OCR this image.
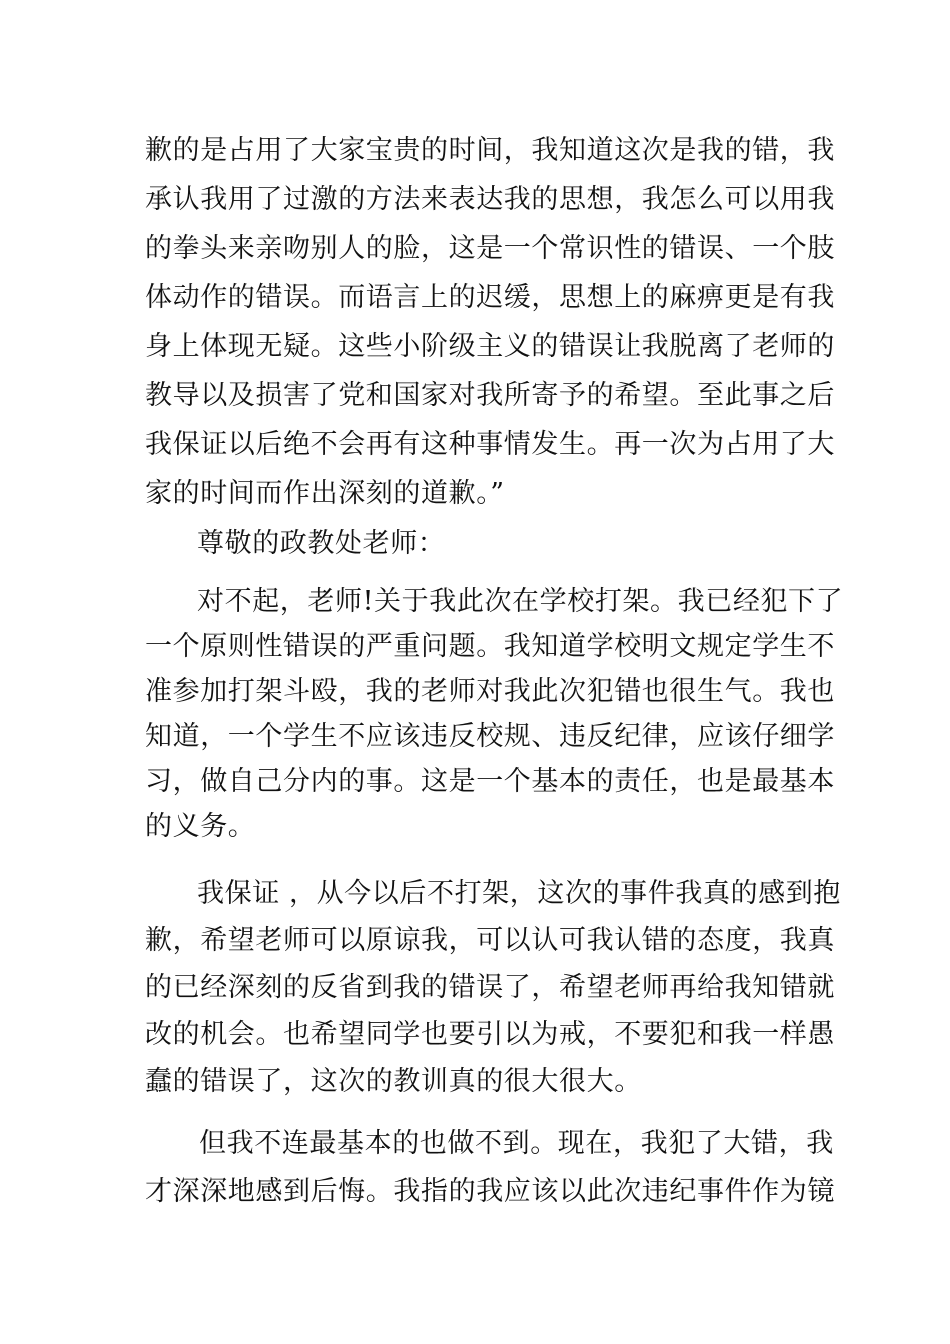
歉的是占用了大家宝贵的时间，我知道这次是我的错，我
承认我用了过激的方法来表达我的思想，我怎么可以用我
的拳头来亲吻别人的脸，这是一个常识性的错误、一个肢
体动作的错误。而语言上的迟缓，思想上的麻痹更是有我
身上体现无疑。这些小阶级主义的错误让我脱离了老师的
教导以及损害了党和国家对我所寄予的希望。至此事之后
我保证以后绝不会再有这种事情发生。再一次为占用了大
家的时间而作出深刻的道歉。”
尊敬的政教处老师：
对不起，老师!关于我此次在学校打架。我已经犯下了
一个原则性错误的严重问题。我知道学校明文规定学生不
准参加打架斗殴，我的老师对我此次犯错也很生气。我也
知道，一个学生不应该违反校规、违反纪律，应该仔细学
习，做自己分内的事。这是一个基本的责任，也是最基本
的义务。
我保证 ，从今以后不打架，这次的事件我真的感到抱
歉，希望老师可以原谅我，可以认可我认错的态度，我真
的已经深刻的反省到我的错误了，希望老师再给我知错就
改的机会。也希望同学也要引以为戒，不要犯和我一样愚
蠢的错误了，这次的教训真的很大很大。
但我不连最基本的也做不到。现在，我犯了大错，我
才深深地感到后悔。我指的我应该以此次违纪事件作为镜
